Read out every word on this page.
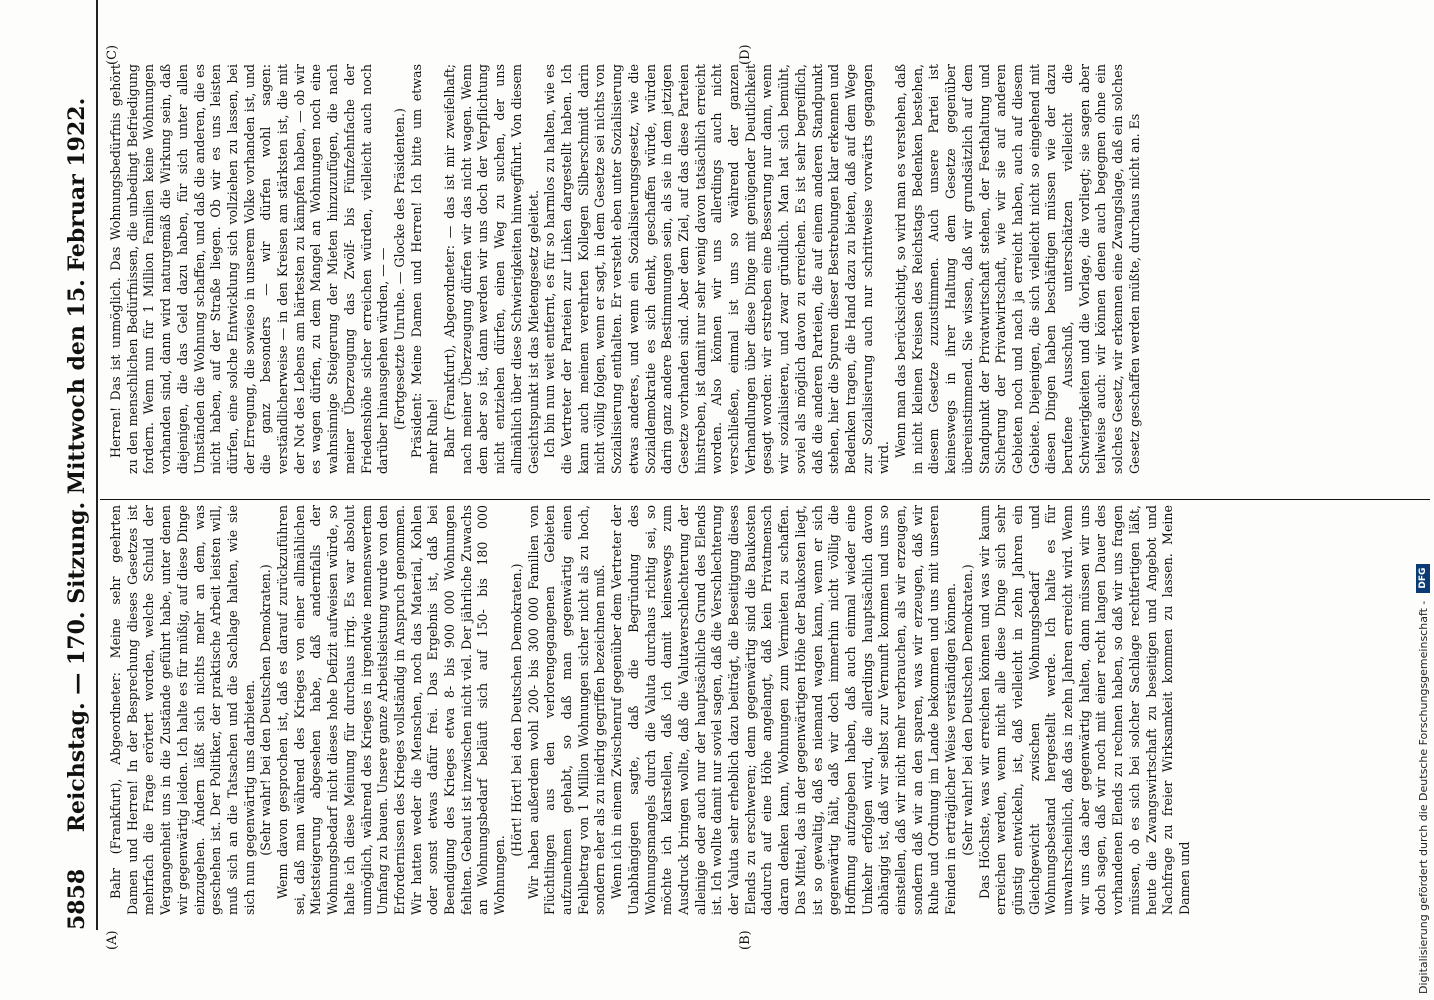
5858
Reichstag. — 170. Sitzung. Mittwoch den 15. Februar 1922.
(A)	(B)
(C)	(D)

Bahr (Frankfurt), Abgeordneter: Meine sehr geehrten Damen und Herren! In der Besprechung dieses Gesetzes ist mehrfach die Frage erörtert worden, welche Schuld der Vergangenheit uns in die Zustände geführt habe, unter denen wir gegenwärtig leiden. Ich halte es für müßig, auf diese Dinge einzugehen. Ändern läßt sich nichts mehr an dem, was geschehen ist. Der Politiker, der praktische Arbeit leisten will, muß sich an die Tatsachen und die Sachlage halten, wie sie sich nun gegenwärtig uns darbieten. (Sehr wahr! bei den Deutschen Demokraten.) Wenn davon gesprochen ist, daß es darauf zurückzuführen sei, daß man während des Krieges von einer allmählichen Mietsteigerung abgesehen habe, daß andernfalls der Wohnungsbedarf nicht dieses hohe Defizit aufweisen würde, so halte ich diese Meinung für durchaus irrig. Es war absolut unmöglich, während des Krieges in irgendwie nennenswertem Umfang zu bauen. Unsere ganze Arbeitsleistung wurde von den Erfordernissen des Krieges vollständig in Anspruch genommen. Wir hatten weder die Menschen, noch das Material, Kohlen oder sonst etwas dafür frei. Das Ergebnis ist, daß bei Beendigung des Krieges etwa 8- bis 900 000 Wohnungen fehlten. Gebaut ist inzwischen nicht viel. Der jährliche Zuwachs an Wohnungsbedarf beläuft sich auf 150- bis 180 000 Wohnungen.

(Hört! Hört! bei den Deutschen Demokraten.) Wir haben außerdem wohl 200- bis 300 000 Familien von Flüchtlingen aus den verlorengegangenen Gebieten aufzunehmen gehabt, so daß man gegenwärtig einen Fehlbetrag von 1 Million Wohnungen sicher nicht als zu hoch, sondern eher als zu niedrig gegriffen bezeichnen muß. Wenn ich in einem Zwischenruf gegenüber dem Vertreter der Unabhängigen sagte, daß die Begründung des Wohnungsmangels durch die Valuta durchaus richtig sei, so möchte ich klarstellen, daß ich damit keineswegs zum Ausdruck bringen wollte, daß die Valutaverschlechterung der alleinige oder auch nur der hauptsächliche Grund des Elends ist. Ich wollte damit nur soviel sagen, daß die Verschlechterung der Valuta sehr erheblich dazu beiträgt, die Beseitigung dieses Elends zu erschweren; denn gegenwärtig sind die Baukosten dadurch auf eine Höhe angelangt, daß kein Privatmensch daran denken kann, Wohnungen zum Vermieten zu schaffen. Das Mittel, das in der gegenwärtigen Höhe der Baukosten liegt, ist so gewaltig, daß es niemand wagen kann, wenn er sich gegenwärtig hält, daß wir doch immerhin nicht völlig die Hoffnung aufzugeben haben, daß auch einmal wieder eine Umkehr erfolgen wird, die allerdings hauptsächlich davon abhängig ist, daß wir selbst zur Vernunft kommen und uns so einstellen, daß wir nicht mehr verbrauchen, als wir erzeugen, sondern daß wir an den sparen, was wir erzeugen, daß wir Ruhe und Ordnung im Lande bekommen und uns mit unseren Feinden in erträglicher Weise verständigen können. (Sehr wahr! bei den Deutschen Demokraten.) Das Höchste, was wir erreichen können und was wir kaum erreichen werden, wenn nicht alle diese Dinge sich sehr günstig entwickeln, ist, daß vielleicht in zehn Jahren ein Gleichgewicht zwischen Wohnungsbedarf und Wohnungsbestand hergestellt werde. Ich halte es für unwahrscheinlich, daß das in zehn Jahren erreicht wird. Wenn wir uns das aber gegenwärtig halten, dann müssen wir uns doch sagen, daß wir noch mit einer recht langen Dauer des vorhandenen Elends zu rechnen haben, so daß wir uns fragen müssen, ob es sich bei solcher Sachlage rechtfertigen läßt, heute die Zwangswirtschaft zu beseitigen und Angebot und Nachfrage zu freier Wirksamkeit kommen zu lassen. Meine Damen und

Herren! Das ist unmöglich. Das Wohnungsbedürfnis gehört zu den menschlichen Bedürfnissen, die unbedingt Befriedigung fordern. Wenn nun für 1 Million Familien keine Wohnungen vorhanden sind, dann wird naturgemäß die Wirkung sein, daß diejenigen, die das Geld dazu haben, für sich unter allen Umständen die Wohnung schaffen, und daß die anderen, die es nicht haben, auf der Straße liegen. Ob wir es uns leisten dürfen, eine solche Entwicklung sich vollziehen zu lassen, bei der Erregung, die sowieso in unserem Volke vorhanden ist, und die ganz besonders — wir dürfen wohl sagen: verständlicherweise — in den Kreisen am stärksten ist, die mit der Not des Lebens am härtesten zu kämpfen haben, — ob wir es wagen dürfen, zu dem Mangel an Wohnungen noch eine wahnsinnige Steigerung der Mieten hinzuzufügen, die nach meiner Überzeugung das Zwölf- bis Fünfzehnfache der Friedenshöhe sicher erreichen würden, vielleicht auch noch darüber hinausgehen würden, — — (Fortgesetzte Unruhe. — Glocke des Präsidenten.) Präsident: Meine Damen und Herren! Ich bitte um etwas mehr Ruhe! Bahr (Frankfurt), Abgeordneter: — das ist mir zweifelhaft; nach meiner Überzeugung dürfen wir das nicht wagen. Wenn dem aber so ist, dann werden wir uns doch der Verpflichtung nicht entziehen dürfen, einen Weg zu suchen, der uns allmählich über diese Schwierigkeiten hinwegführt. Von diesem Gesichtspunkt ist das Mietengesetz geleitet. Ich bin nun weit entfernt, es für so harmlos zu halten, wie es die Vertreter der Parteien zur Linken dargestellt haben. Ich kann auch meinem verehrten Kollegen Silberschmidt darin nicht völlig folgen, wenn er sagt, in dem Gesetze sei nichts von Sozialisierung enthalten. Er versteht eben unter Sozialisierung etwas anderes, und wenn ein Sozialisierungsgesetz, wie die Sozialdemokratie es sich denkt, geschaffen würde, würden darin ganz andere Bestimmungen sein, als sie in dem jetzigen Gesetze vorhanden sind. Aber dem Ziel, auf das diese Parteien hinstreben, ist damit nur sehr wenig davon tatsächlich erreicht worden. Also können wir uns allerdings auch nicht verschließen, einmal ist uns so während der ganzen Verhandlungen über diese Dinge mit genügender Deutlichkeit gesagt worden: wir erstreben eine Besserung nur dann, wenn wir sozialisieren, und zwar gründlich. Man hat sich bemüht, soviel als möglich davon zu erreichen. Es ist sehr begreiflich, daß die anderen Parteien, die auf einem anderen Standpunkt stehen, hier die Spuren dieser Bestrebungen klar erkennen und Bedenken tragen, die Hand dazu zu bieten, daß auf dem Wege zur Sozialisierung auch nur schrittweise vorwärts gegangen wird. Wenn man das berücksichtigt, so wird man es verstehen, daß in nicht kleinen Kreisen des Reichstags Bedenken bestehen, diesem Gesetze zuzustimmen. Auch unsere Partei ist keineswegs in ihrer Haltung dem Gesetze gegenüber übereinstimmend. Sie wissen, daß wir grundsätzlich auf dem Standpunkt der Privatwirtschaft stehen, der Festhaltung und Sicherung der Privatwirtschaft, wie wir sie auf anderen Gebieten noch und nach ja erreicht haben, auch auf diesem Gebiete. Diejenigen, die sich vielleicht nicht so eingehend mit diesen Dingen haben beschäftigen müssen wie der dazu berufene Ausschuß, unterschätzen vielleicht die Schwierigkeiten und die Vorlage, die vorliegt; sie sagen aber teilweise auch: wir können denen auch begegnen ohne ein solches Gesetz, wir erkennen eine Zwangslage, daß ein solches Gesetz geschaffen werden müßte, durchaus nicht an. Es

Digitalisierung gefördert durch die Deutsche Forschungsgemeinschaft -
DFG
